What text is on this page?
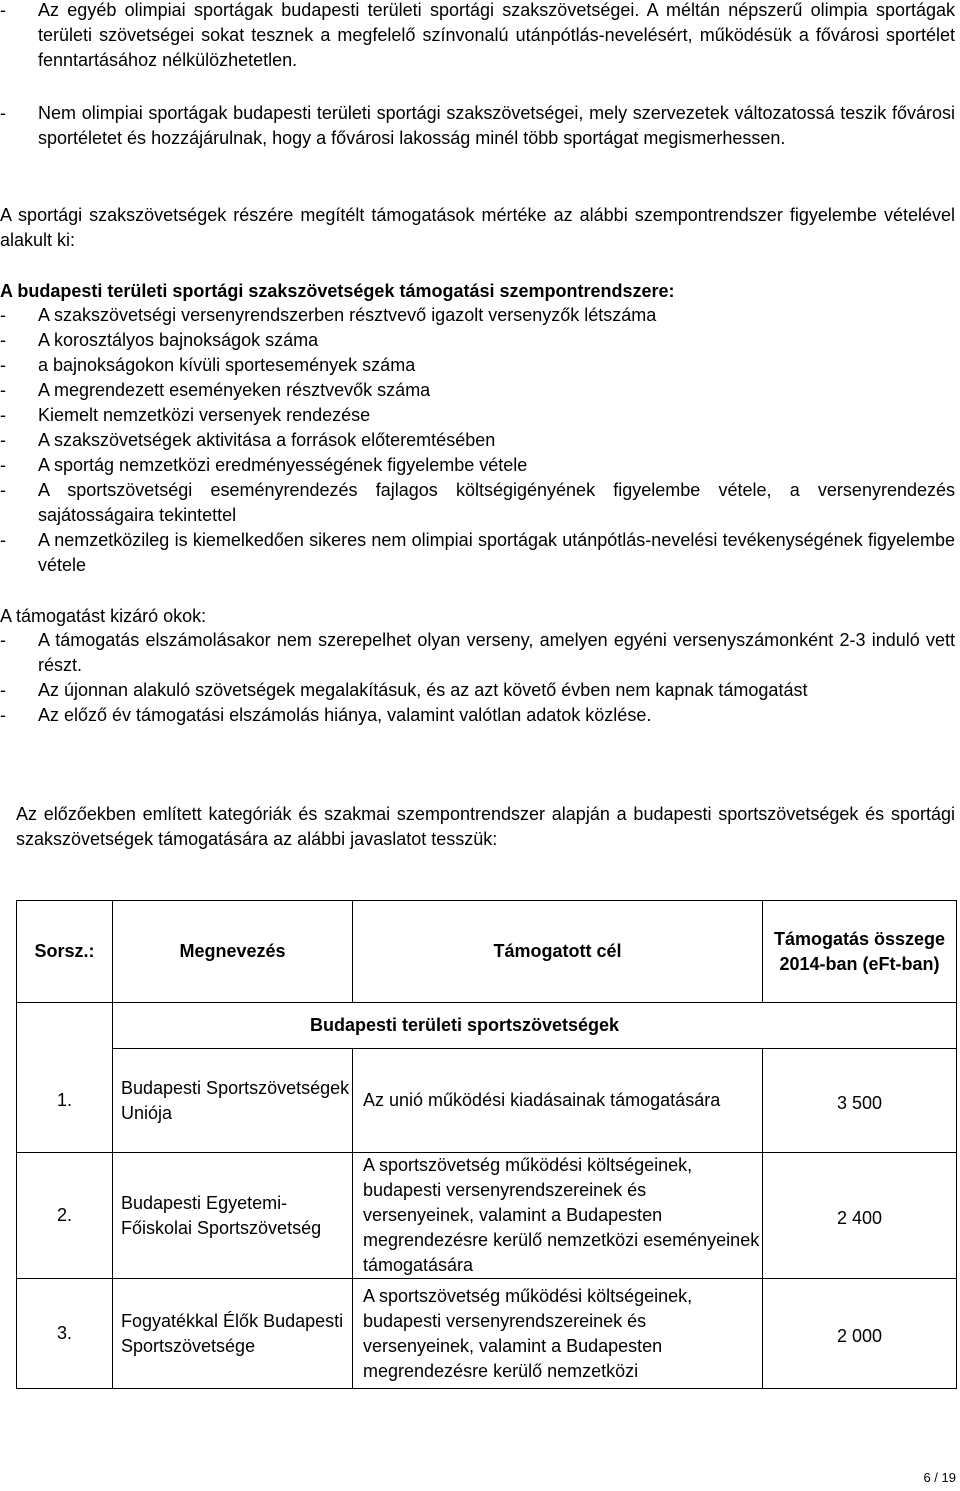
-	Az egyéb olimpiai sportágak budapesti területi sportági szakszövetségei. A méltán népszerű olimpia sportágak területi szövetségei sokat tesznek a megfelelő színvonalú utánpótlás-nevelésért, működésük a fővárosi sportélet fenntartásához nélkülözhetetlen.
-	Nem olimpiai sportágak budapesti területi sportági szakszövetségei, mely szervezetek változatossá teszik fővárosi sportéletet és hozzájárulnak, hogy a fővárosi lakosság minél több sportágat megismerhessen.

A sportági szakszövetségek részére megítélt támogatások mértéke az alábbi szempontrendszer figyelembe vételével alakult ki:

A budapesti területi sportági szakszövetségek támogatási szempontrendszere:

-	A szakszövetségi versenyrendszerben résztvevő igazolt versenyzők létszáma
-	A korosztályos bajnokságok száma
-	a bajnokságokon kívüli sportesemények száma
-	A megrendezett eseményeken résztvevők száma
-	Kiemelt nemzetközi versenyek rendezése
-	A szakszövetségek aktivitása a források előteremtésében
-	A sportág nemzetközi eredményességének figyelembe vétele
-	A sportszövetségi eseményrendezés fajlagos költségigényének figyelembe vétele, a versenyrendezés sajátosságaira tekintettel
-	A nemzetközileg is kiemelkedően sikeres nem olimpiai sportágak utánpótlás-nevelési tevékenységének figyelembe vétele

A támogatást kizáró okok:

-	A támogatás elszámolásakor nem szerepelhet olyan verseny, amelyen egyéni versenyszámonként 2-3 induló vett részt.
-	Az újonnan alakuló szövetségek megalakításuk, és az azt követő évben nem kapnak támogatást
-	Az előző év támogatási elszámolás hiánya, valamint valótlan adatok közlése.

Az előzőekben említett kategóriák és szakmai szempontrendszer alapján a budapesti sportszövetségek és sportági szakszövetségek támogatására az alábbi javaslatot tesszük:

Sorsz.:	Megnevezés	Támogatott cél	Támogatás összege 2014-ban (eFt-ban)
	Budapesti területi sportszövetségek		
1.	Budapesti Sportszövetségek Uniója	Az unió működési kiadásainak támogatására	3 500
2.	Budapesti Egyetemi-Főiskolai Sportszövetség	A sportszövetség működési költségeinek, budapesti versenyrendszereinek és versenyeinek, valamint a Budapesten megrendezésre kerülő nemzetközi eseményeinek támogatására	2 400
3.	Fogyatékkal Élők Budapesti Sportszövetsége	A sportszövetség működési költségeinek, budapesti versenyrendszereinek és versenyeinek, valamint a Budapesten megrendezésre kerülő nemzetközi	2 000
6 / 19
